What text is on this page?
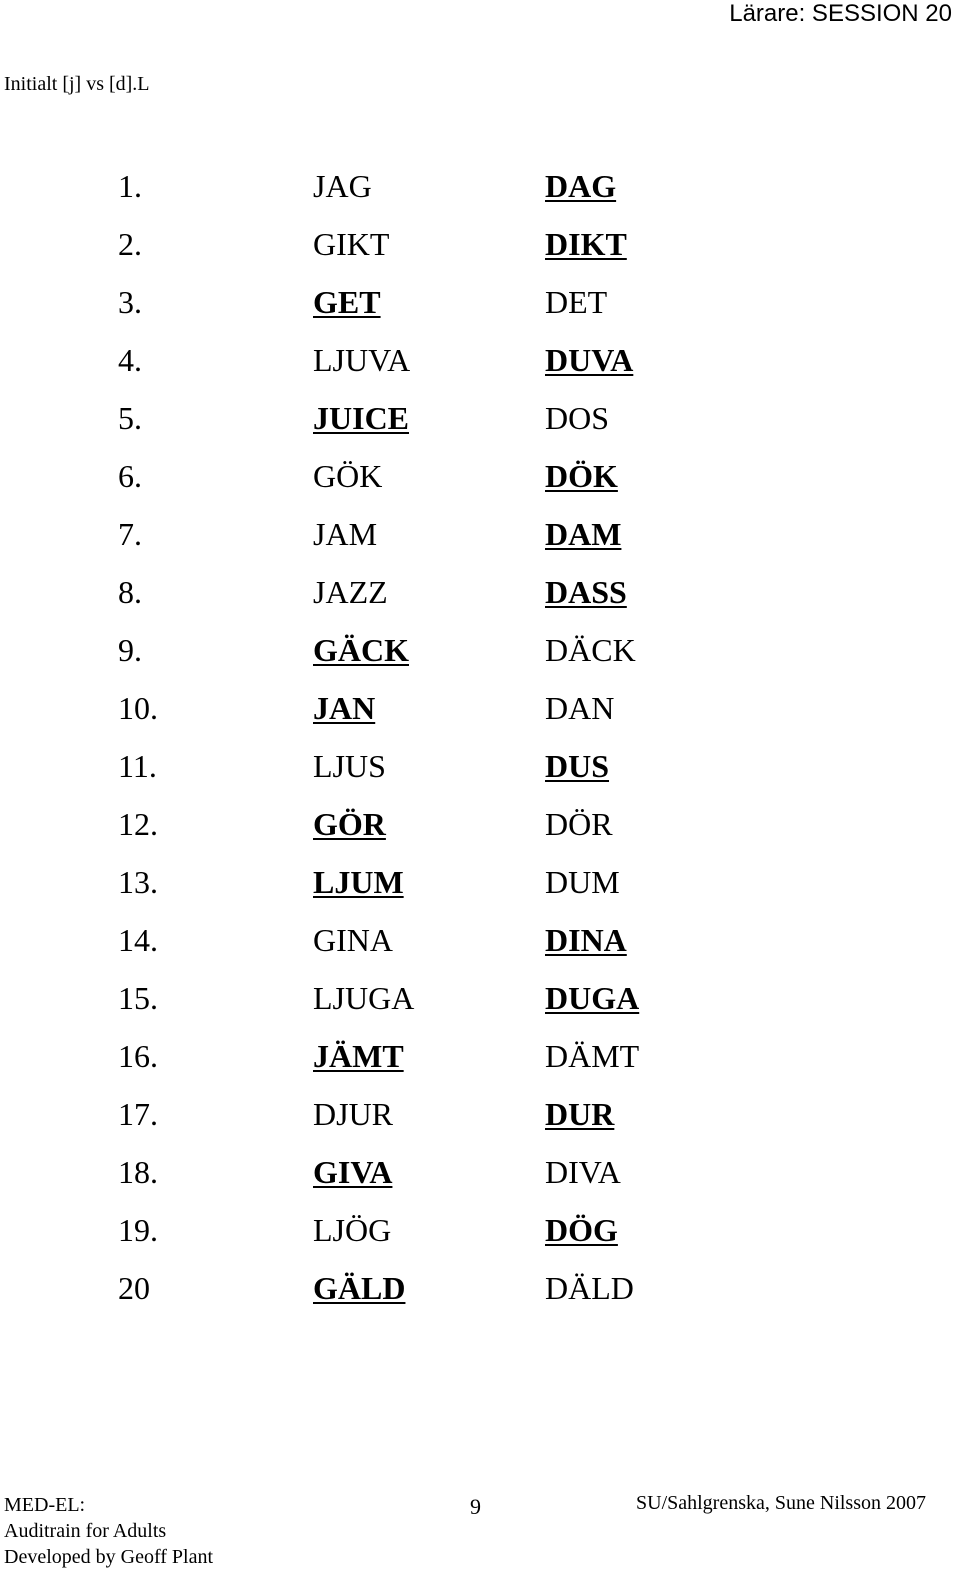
Lärare: SESSION 20
Initialt [j] vs [d].L
1.	JAG	DAG
2.	GIKT	DIKT
3.	GET	DET
4.	LJUVA	DUVA
5.	JUICE	DOS
6.	GÖK	DÖK
7.	JAM	DAM
8.	JAZZ	DASS
9.	GÄCK	DÄCK
10.	JAN	DAN
11.	LJUS	DUS
12.	GÖR	DÖR
13.	LJUM	DUM
14.	GINA	DINA
15.	LJUGA	DUGA
16.	JÄMT	DÄMT
17.	DJUR	DUR
18.	GIVA	DIVA
19.	LJÖG	DÖG
20	GÄLD	DÄLD
MED-EL:
Auditrain for Adults
Developed by Geoff Plant
9	SU/Sahlgrenska, Sune Nilsson 2007
